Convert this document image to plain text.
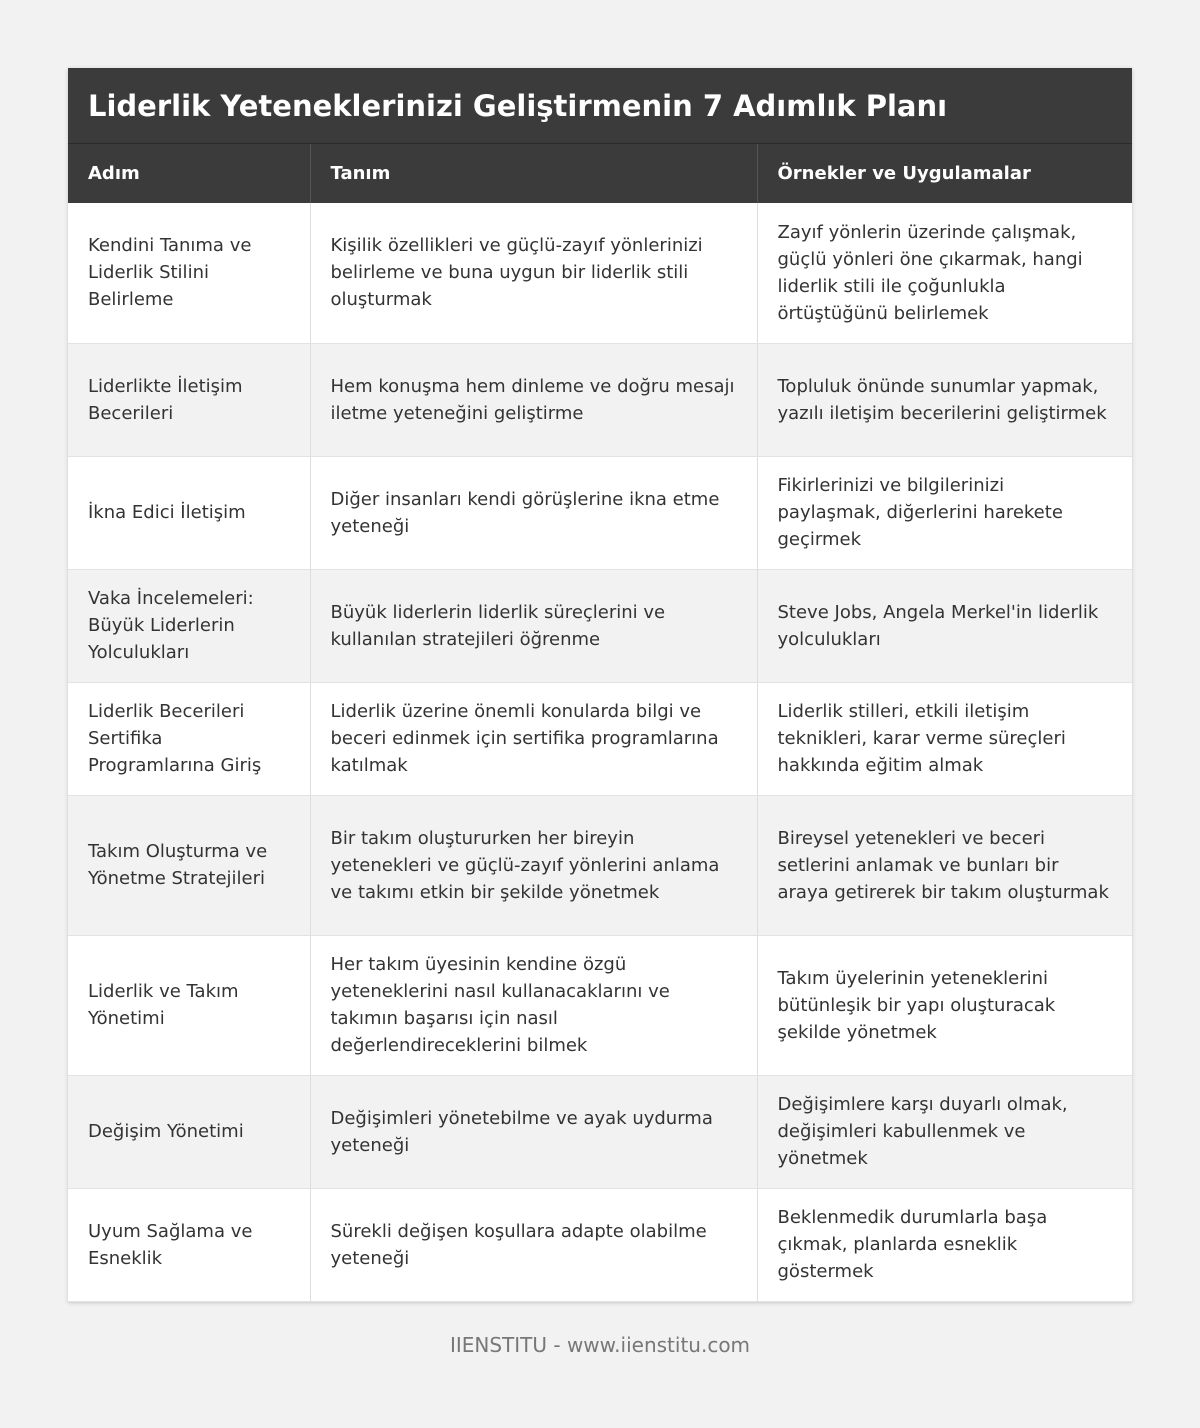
Liderlik Yeteneklerinizi Geliştirmenin 7 Adımlık Planı
Adım	Tanım	Örnekler ve Uygulamalar
Kendini Tanıma ve Liderlik Stilini Belirleme	Kişilik özellikleri ve güçlü-zayıf yönlerinizi belirleme ve buna uygun bir liderlik stili oluşturmak	Zayıf yönlerin üzerinde çalışmak, güçlü yönleri öne çıkarmak, hangi liderlik stili ile çoğunlukla örtüştüğünü belirlemek
Liderlikte İletişim Becerileri	Hem konuşma hem dinleme ve doğru mesajı iletme yeteneğini geliştirme	Topluluk önünde sunumlar yapmak, yazılı iletişim becerilerini geliştirmek
İkna Edici İletişim	Diğer insanları kendi görüşlerine ikna etme yeteneği	Fikirlerinizi ve bilgilerinizi paylaşmak, diğerlerini harekete geçirmek
Vaka İncelemeleri: Büyük Liderlerin Yolculukları	Büyük liderlerin liderlik süreçlerini ve kullanılan stratejileri öğrenme	Steve Jobs, Angela Merkel'in liderlik yolculukları
Liderlik Becerileri Sertifika Programlarına Giriş	Liderlik üzerine önemli konularda bilgi ve beceri edinmek için sertifika programlarına katılmak	Liderlik stilleri, etkili iletişim teknikleri, karar verme süreçleri hakkında eğitim almak
Takım Oluşturma ve Yönetme Stratejileri	Bir takım oluştururken her bireyin yetenekleri ve güçlü-zayıf yönlerini anlama ve takımı etkin bir şekilde yönetmek	Bireysel yetenekleri ve beceri setlerini anlamak ve bunları bir araya getirerek bir takım oluşturmak
Liderlik ve Takım Yönetimi	Her takım üyesinin kendine özgü yeteneklerini nasıl kullanacaklarını ve takımın başarısı için nasıl değerlendireceklerini bilmek	Takım üyelerinin yeteneklerini bütünleşik bir yapı oluşturacak şekilde yönetmek
Değişim Yönetimi	Değişimleri yönetebilme ve ayak uydurma yeteneği	Değişimlere karşı duyarlı olmak, değişimleri kabullenmek ve yönetmek
Uyum Sağlama ve Esneklik	Sürekli değişen koşullara adapte olabilme yeteneği	Beklenmedik durumlarla başa çıkmak, planlarda esneklik göstermek
IIENSTITU - www.iienstitu.com
